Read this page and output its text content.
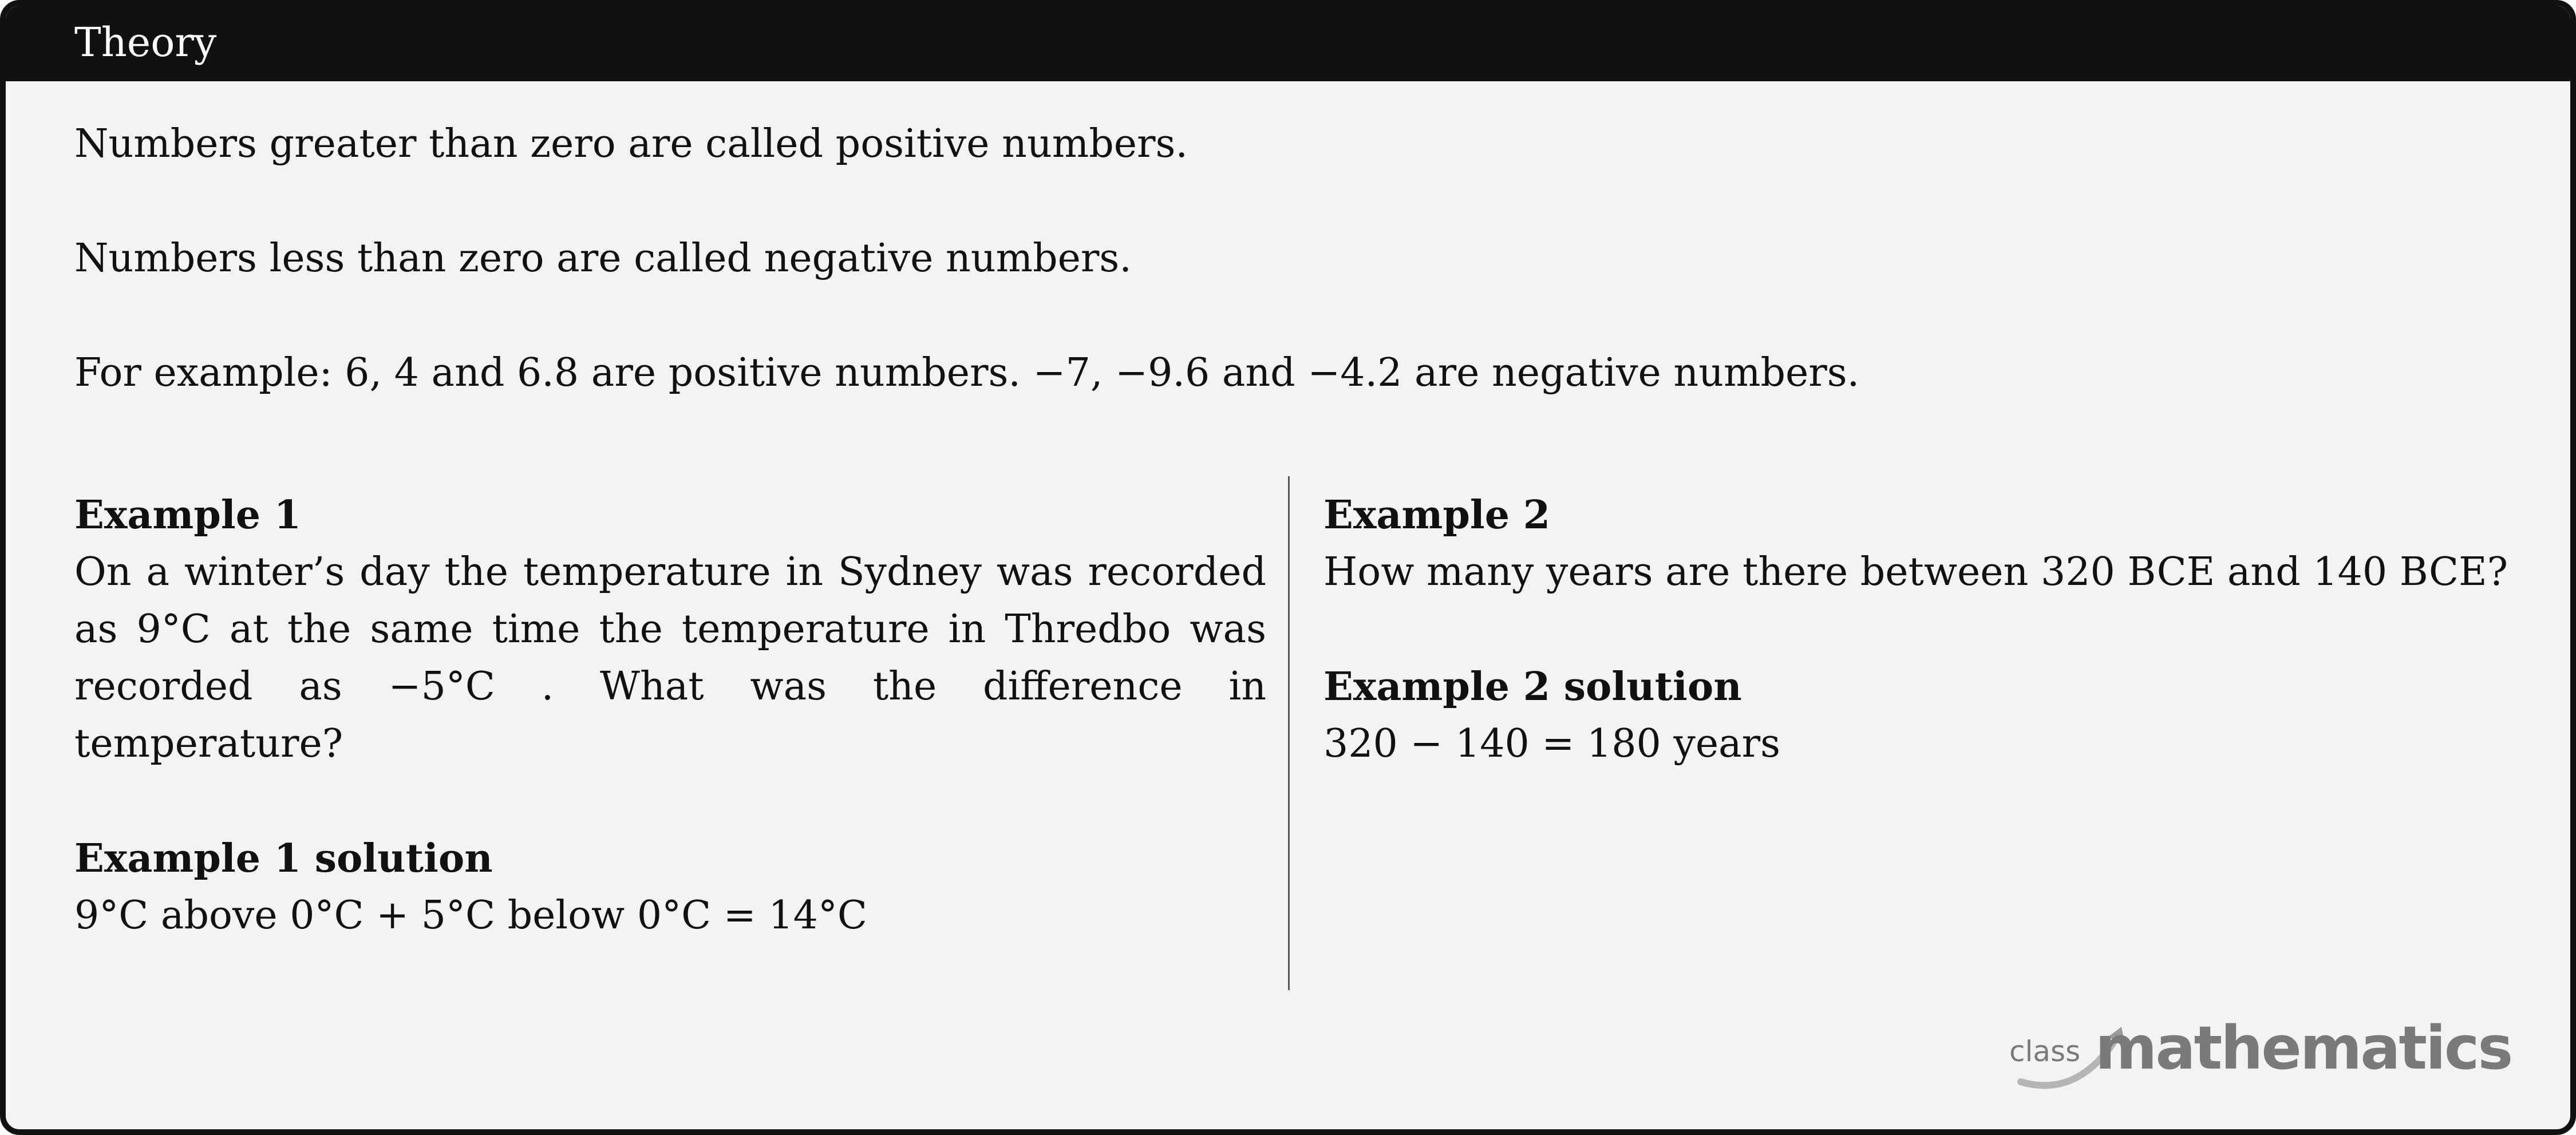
Theory
Numbers greater than zero are called positive numbers.
Numbers less than zero are called negative numbers.
For example: 6, 4 and 6.8 are positive numbers. −7, −9.6 and −4.2 are negative numbers.
Example 1
On a winter’s day the temperature in Sydney was recorded as 9°C at the same time the temperature in Thredbo was recorded as −5°C . What was the difference in temperature?
Example 1 solution
9°C above 0°C + 5°C below 0°C = 14°C
Example 2
How many years are there between 320 BCE and 140 BCE?
Example 2 solution
320 − 140 = 180 years
class mathematics
